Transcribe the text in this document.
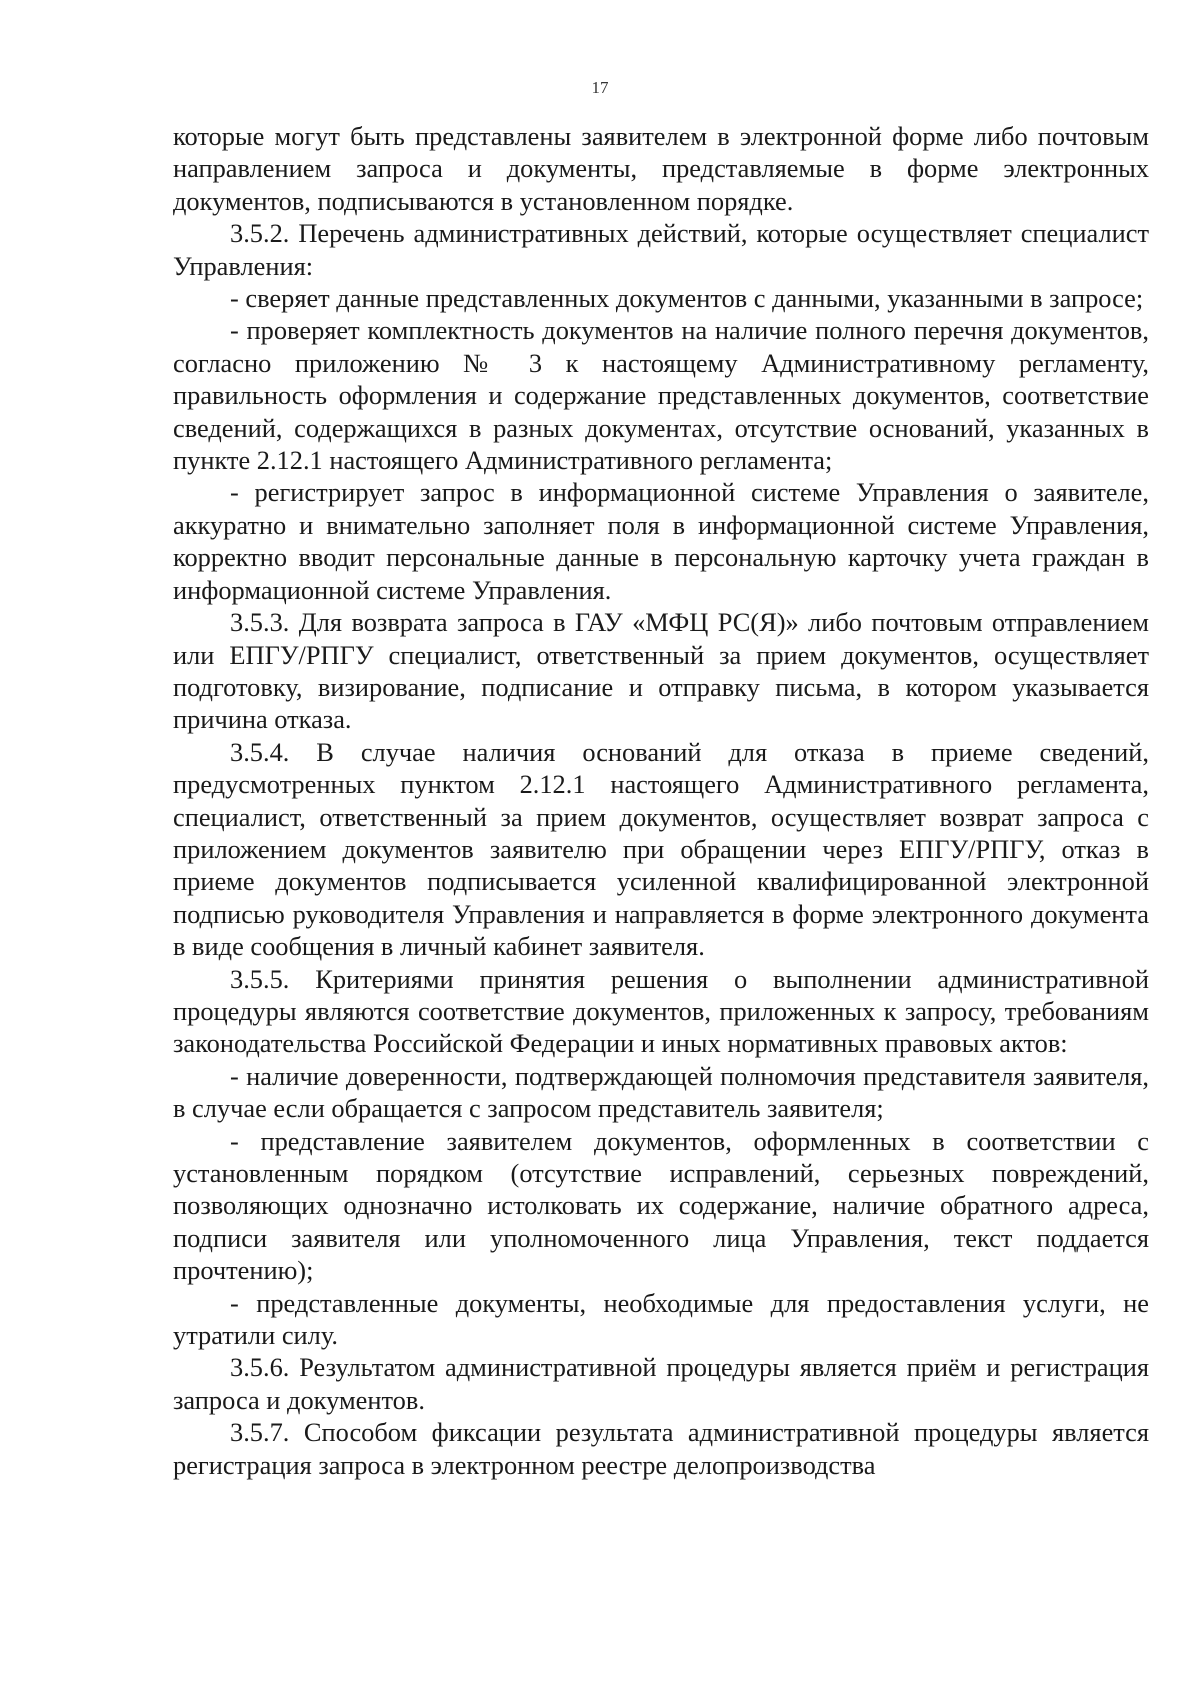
17

которые могут быть представлены заявителем в электронной форме либо почтовым направлением запроса и документы, представляемые в форме электронных документов, подписываются в установленном порядке.

3.5.2. Перечень административных действий, которые осуществляет специалист Управления:

- сверяет данные представленных документов с данными, указанными в запросе;

- проверяет комплектность документов на наличие полного перечня документов, согласно приложению № 3 к настоящему Административному регламенту, правильность оформления и содержание представленных документов, соответствие сведений, содержащихся в разных документах, отсутствие оснований, указанных в пункте 2.12.1 настоящего Административного регламента;

- регистрирует запрос в информационной системе Управления о заявителе, аккуратно и внимательно заполняет поля в информационной системе Управления, корректно вводит персональные данные в персональную карточку учета граждан в информационной системе Управления.

3.5.3. Для возврата запроса в ГАУ «МФЦ РС(Я)» либо почтовым отправлением или ЕПГУ/РПГУ специалист, ответственный за прием документов, осуществляет подготовку, визирование, подписание и отправку письма, в котором указывается причина отказа.

3.5.4. В случае наличия оснований для отказа в приеме сведений, предусмотренных пунктом 2.12.1 настоящего Административного регламента, специалист, ответственный за прием документов, осуществляет возврат запроса с приложением документов заявителю при обращении через ЕПГУ/РПГУ, отказ в приеме документов подписывается усиленной квалифицированной электронной подписью руководителя Управления и направляется в форме электронного документа в виде сообщения в личный кабинет заявителя.

3.5.5. Критериями принятия решения о выполнении административной процедуры являются соответствие документов, приложенных к запросу, требованиям законодательства Российской Федерации и иных нормативных правовых актов:

- наличие доверенности, подтверждающей полномочия представителя заявителя, в случае если обращается с запросом представитель заявителя;

- представление заявителем документов, оформленных в соответствии с установленным порядком (отсутствие исправлений, серьезных повреждений, позволяющих однозначно истолковать их содержание, наличие обратного адреса, подписи заявителя или уполномоченного лица Управления, текст поддается прочтению);

- представленные документы, необходимые для предоставления услуги, не утратили силу.

3.5.6. Результатом административной процедуры является приём и регистрация запроса и документов.

3.5.7. Способом фиксации результата административной процедуры является регистрация запроса в электронном реестре делопроизводства
